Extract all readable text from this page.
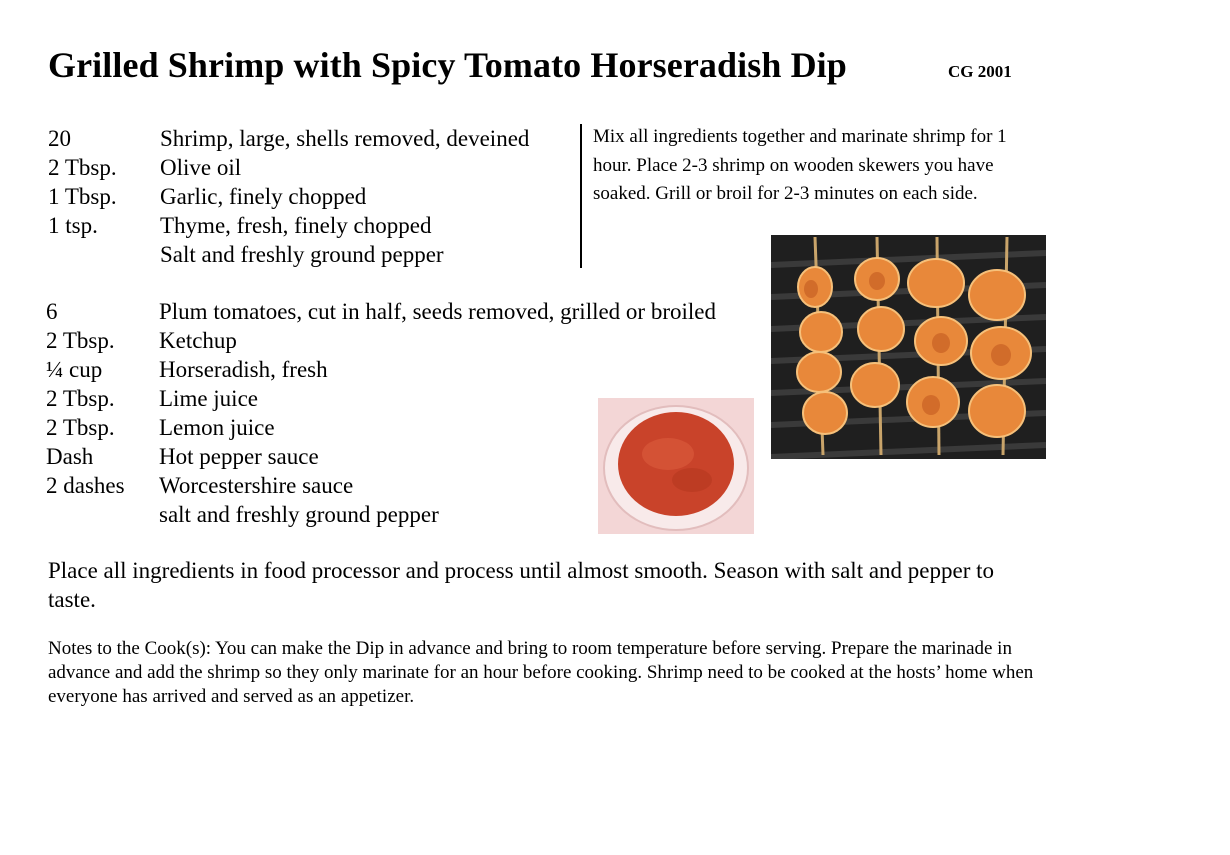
Grilled Shrimp with Spicy Tomato Horseradish Dip	CG 2001
20	Shrimp, large, shells removed, deveined
2 Tbsp. Olive oil
1 Tbsp. Garlic, finely chopped
1 tsp.	Thyme, fresh, finely chopped
Salt and freshly ground pepper

Mix all ingredients together and marinate shrimp for 1 hour. Place 2-3 shrimp on wooden skewers you have soaked. Grill or broil for 2-3 minutes on each side.

6	Plum tomatoes, cut in half, seeds removed, grilled or broiled
2 Tbsp. Ketchup
¼ cup Horseradish, fresh
2 Tbsp. Lime juice
2 Tbsp. Lemon juice
Dash	Hot pepper sauce
2 dashes Worcestershire sauce
salt and freshly ground pepper

Place all ingredients in food processor and process until almost smooth. Season with salt and pepper to taste.

Notes to the Cook(s): You can make the Dip in advance and bring to room temperature before serving. Prepare the marinade in advance and add the shrimp so they only marinate for an hour before cooking. Shrimp need to be cooked at the hosts’ home when everyone has arrived and served as an appetizer.
